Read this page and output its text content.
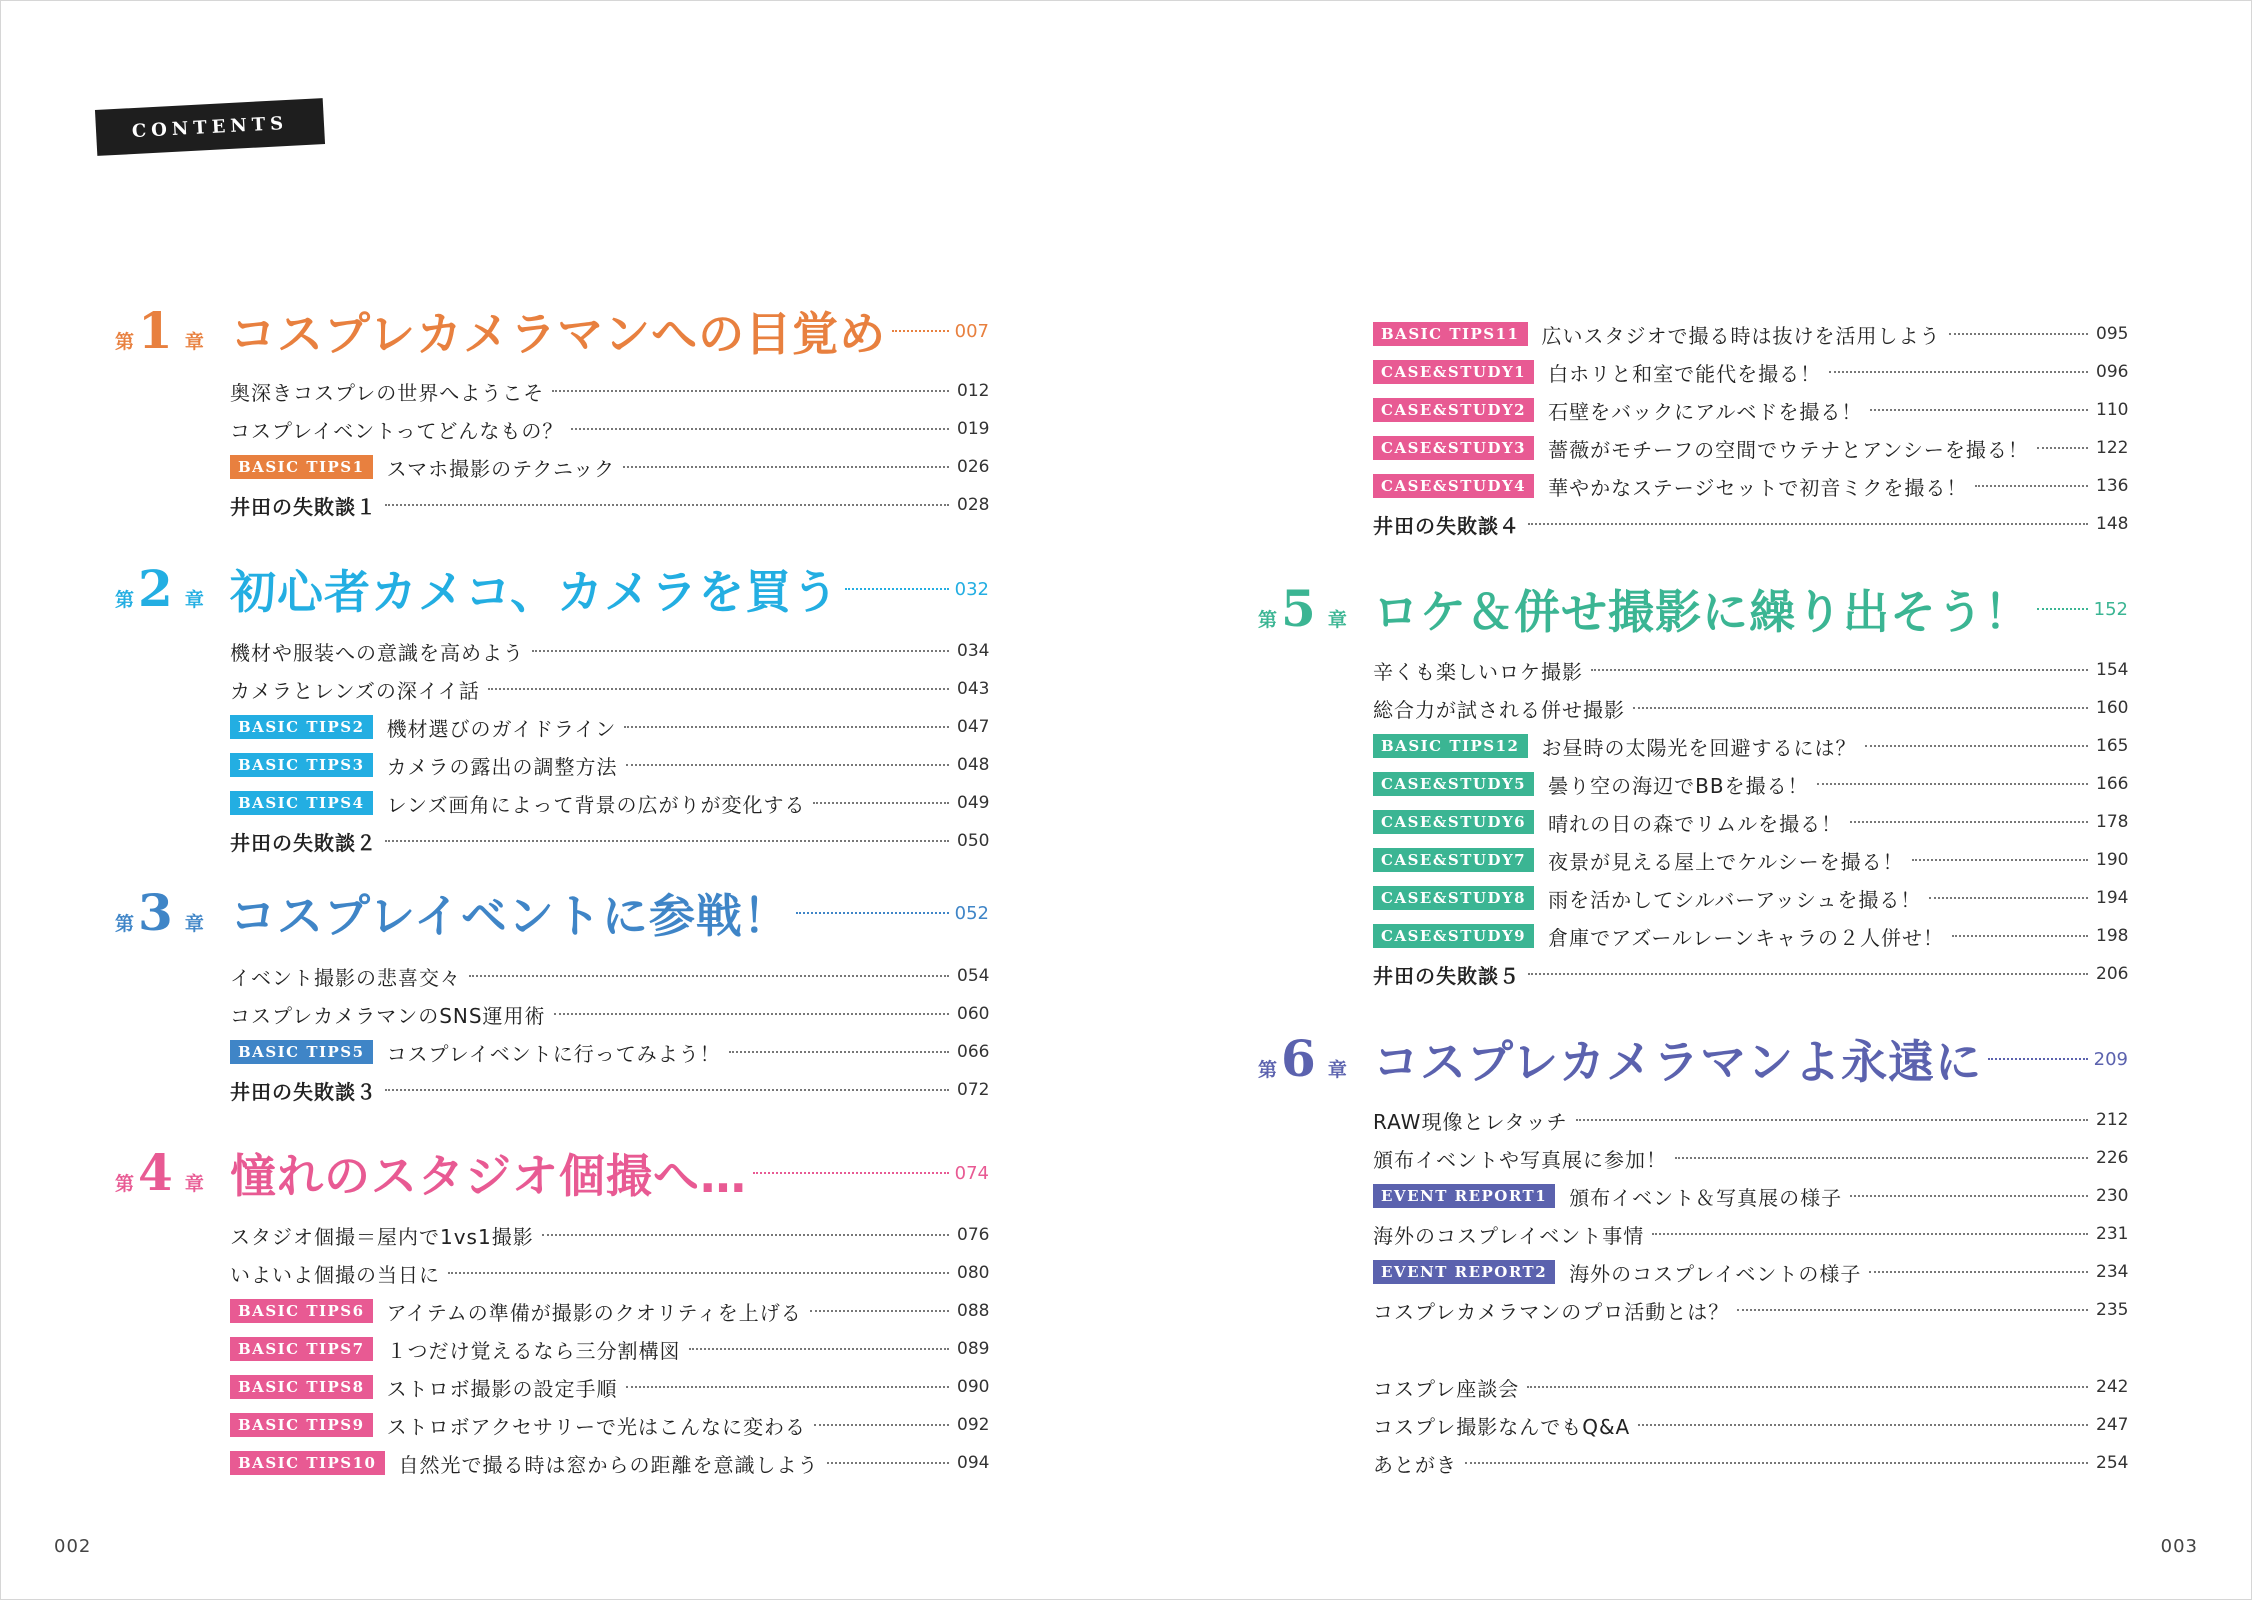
CONTENTS
第 1 章 コスプレカメラマンへの目覚め	007
奥深きコスプレの世界へようこそ	012
コスプレイベントってどんなもの？	019
BASIC TIPS1	スマホ撮影のテクニック	026
井田の失敗談１	028
第 2 章 初心者カメコ、カメラを買う	032
機材や服装への意識を高めよう	034
カメラとレンズの深イイ話	043
BASIC TIPS2	機材選びのガイドライン	047
BASIC TIPS3	カメラの露出の調整方法	048
BASIC TIPS4	レンズ画角によって背景の広がりが変化する	049
井田の失敗談２	050
第 3 章 コスプレイベントに参戦！	052
イベント撮影の悲喜交々	054
コスプレカメラマンのSNS運用術	060
BASIC TIPS5	コスプレイベントに行ってみよう！	066
井田の失敗談３	072
第 4 章 憧れのスタジオ個撮へ…	074
スタジオ個撮＝屋内で1vs1撮影	076
いよいよ個撮の当日に	080
BASIC TIPS6	アイテムの準備が撮影のクオリティを上げる	088
BASIC TIPS7	１つだけ覚えるなら三分割構図	089
BASIC TIPS8	ストロボ撮影の設定手順	090
BASIC TIPS9	ストロボアクセサリーで光はこんなに変わる	092
BASIC TIPS10	自然光で撮る時は窓からの距離を意識しよう	094
BASIC TIPS11	広いスタジオで撮る時は抜けを活用しよう	095
CASE&STUDY1	白ホリと和室で能代を撮る！	096
CASE&STUDY2	石壁をバックにアルベドを撮る！	110
CASE&STUDY3	薔薇がモチーフの空間でウテナとアンシーを撮る！	122
CASE&STUDY4	華やかなステージセットで初音ミクを撮る！	136
井田の失敗談４	148
第 5 章 ロケ＆併せ撮影に繰り出そう！	152
辛くも楽しいロケ撮影	154
総合力が試される併せ撮影	160
BASIC TIPS12	お昼時の太陽光を回避するには？	165
CASE&STUDY5	曇り空の海辺でBBを撮る！	166
CASE&STUDY6	晴れの日の森でリムルを撮る！	178
CASE&STUDY7	夜景が見える屋上でケルシーを撮る！	190
CASE&STUDY8	雨を活かしてシルバーアッシュを撮る！	194
CASE&STUDY9	倉庫でアズールレーンキャラの２人併せ！	198
井田の失敗談５	206
第 6 章 コスプレカメラマンよ永遠に	209
RAW現像とレタッチ	212
頒布イベントや写真展に参加！	226
EVENT REPORT1	頒布イベント＆写真展の様子	230
海外のコスプレイベント事情	231
EVENT REPORT2	海外のコスプレイベントの様子	234
コスプレカメラマンのプロ活動とは？	235
コスプレ座談会	242
コスプレ撮影なんでもQ&A	247
あとがき	254
002	003
